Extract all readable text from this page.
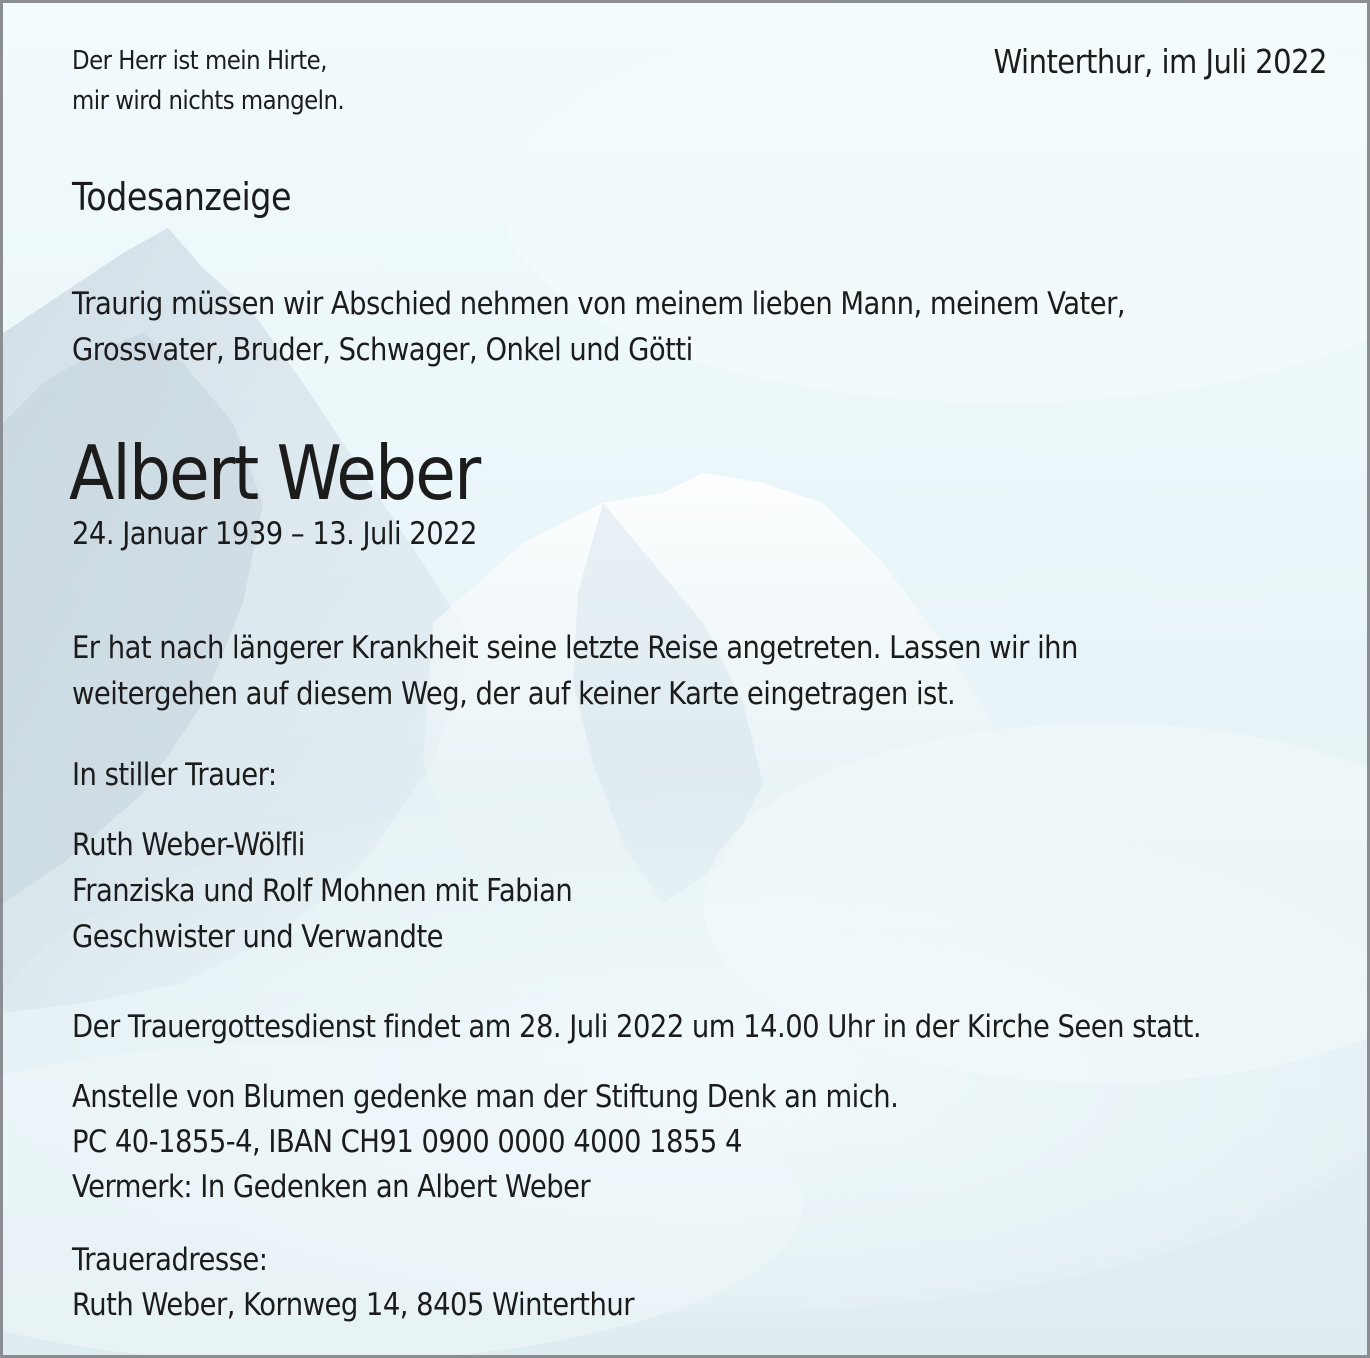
Der Herr ist mein Hirte,
mir wird nichts mangeln.
Winterthur, im Juli 2022
Todesanzeige
Traurig müssen wir Abschied nehmen von meinem lieben Mann, meinem Vater,
Grossvater, Bruder, Schwager, Onkel und Götti
Albert Weber
24. Januar 1939 – 13. Juli 2022
Er hat nach längerer Krankheit seine letzte Reise angetreten. Lassen wir ihn
weitergehen auf diesem Weg, der auf keiner Karte eingetragen ist.
In stiller Trauer:
Ruth Weber-Wölfli
Franziska und Rolf Mohnen mit Fabian
Geschwister und Verwandte
Der Trauergottesdienst findet am 28. Juli 2022 um 14.00 Uhr in der Kirche Seen statt.
Anstelle von Blumen gedenke man der Stiftung Denk an mich.
PC 40-1855-4, IBAN CH91 0900 0000 4000 1855 4
Vermerk: In Gedenken an Albert Weber
Traueradresse:
Ruth Weber, Kornweg 14, 8405 Winterthur
